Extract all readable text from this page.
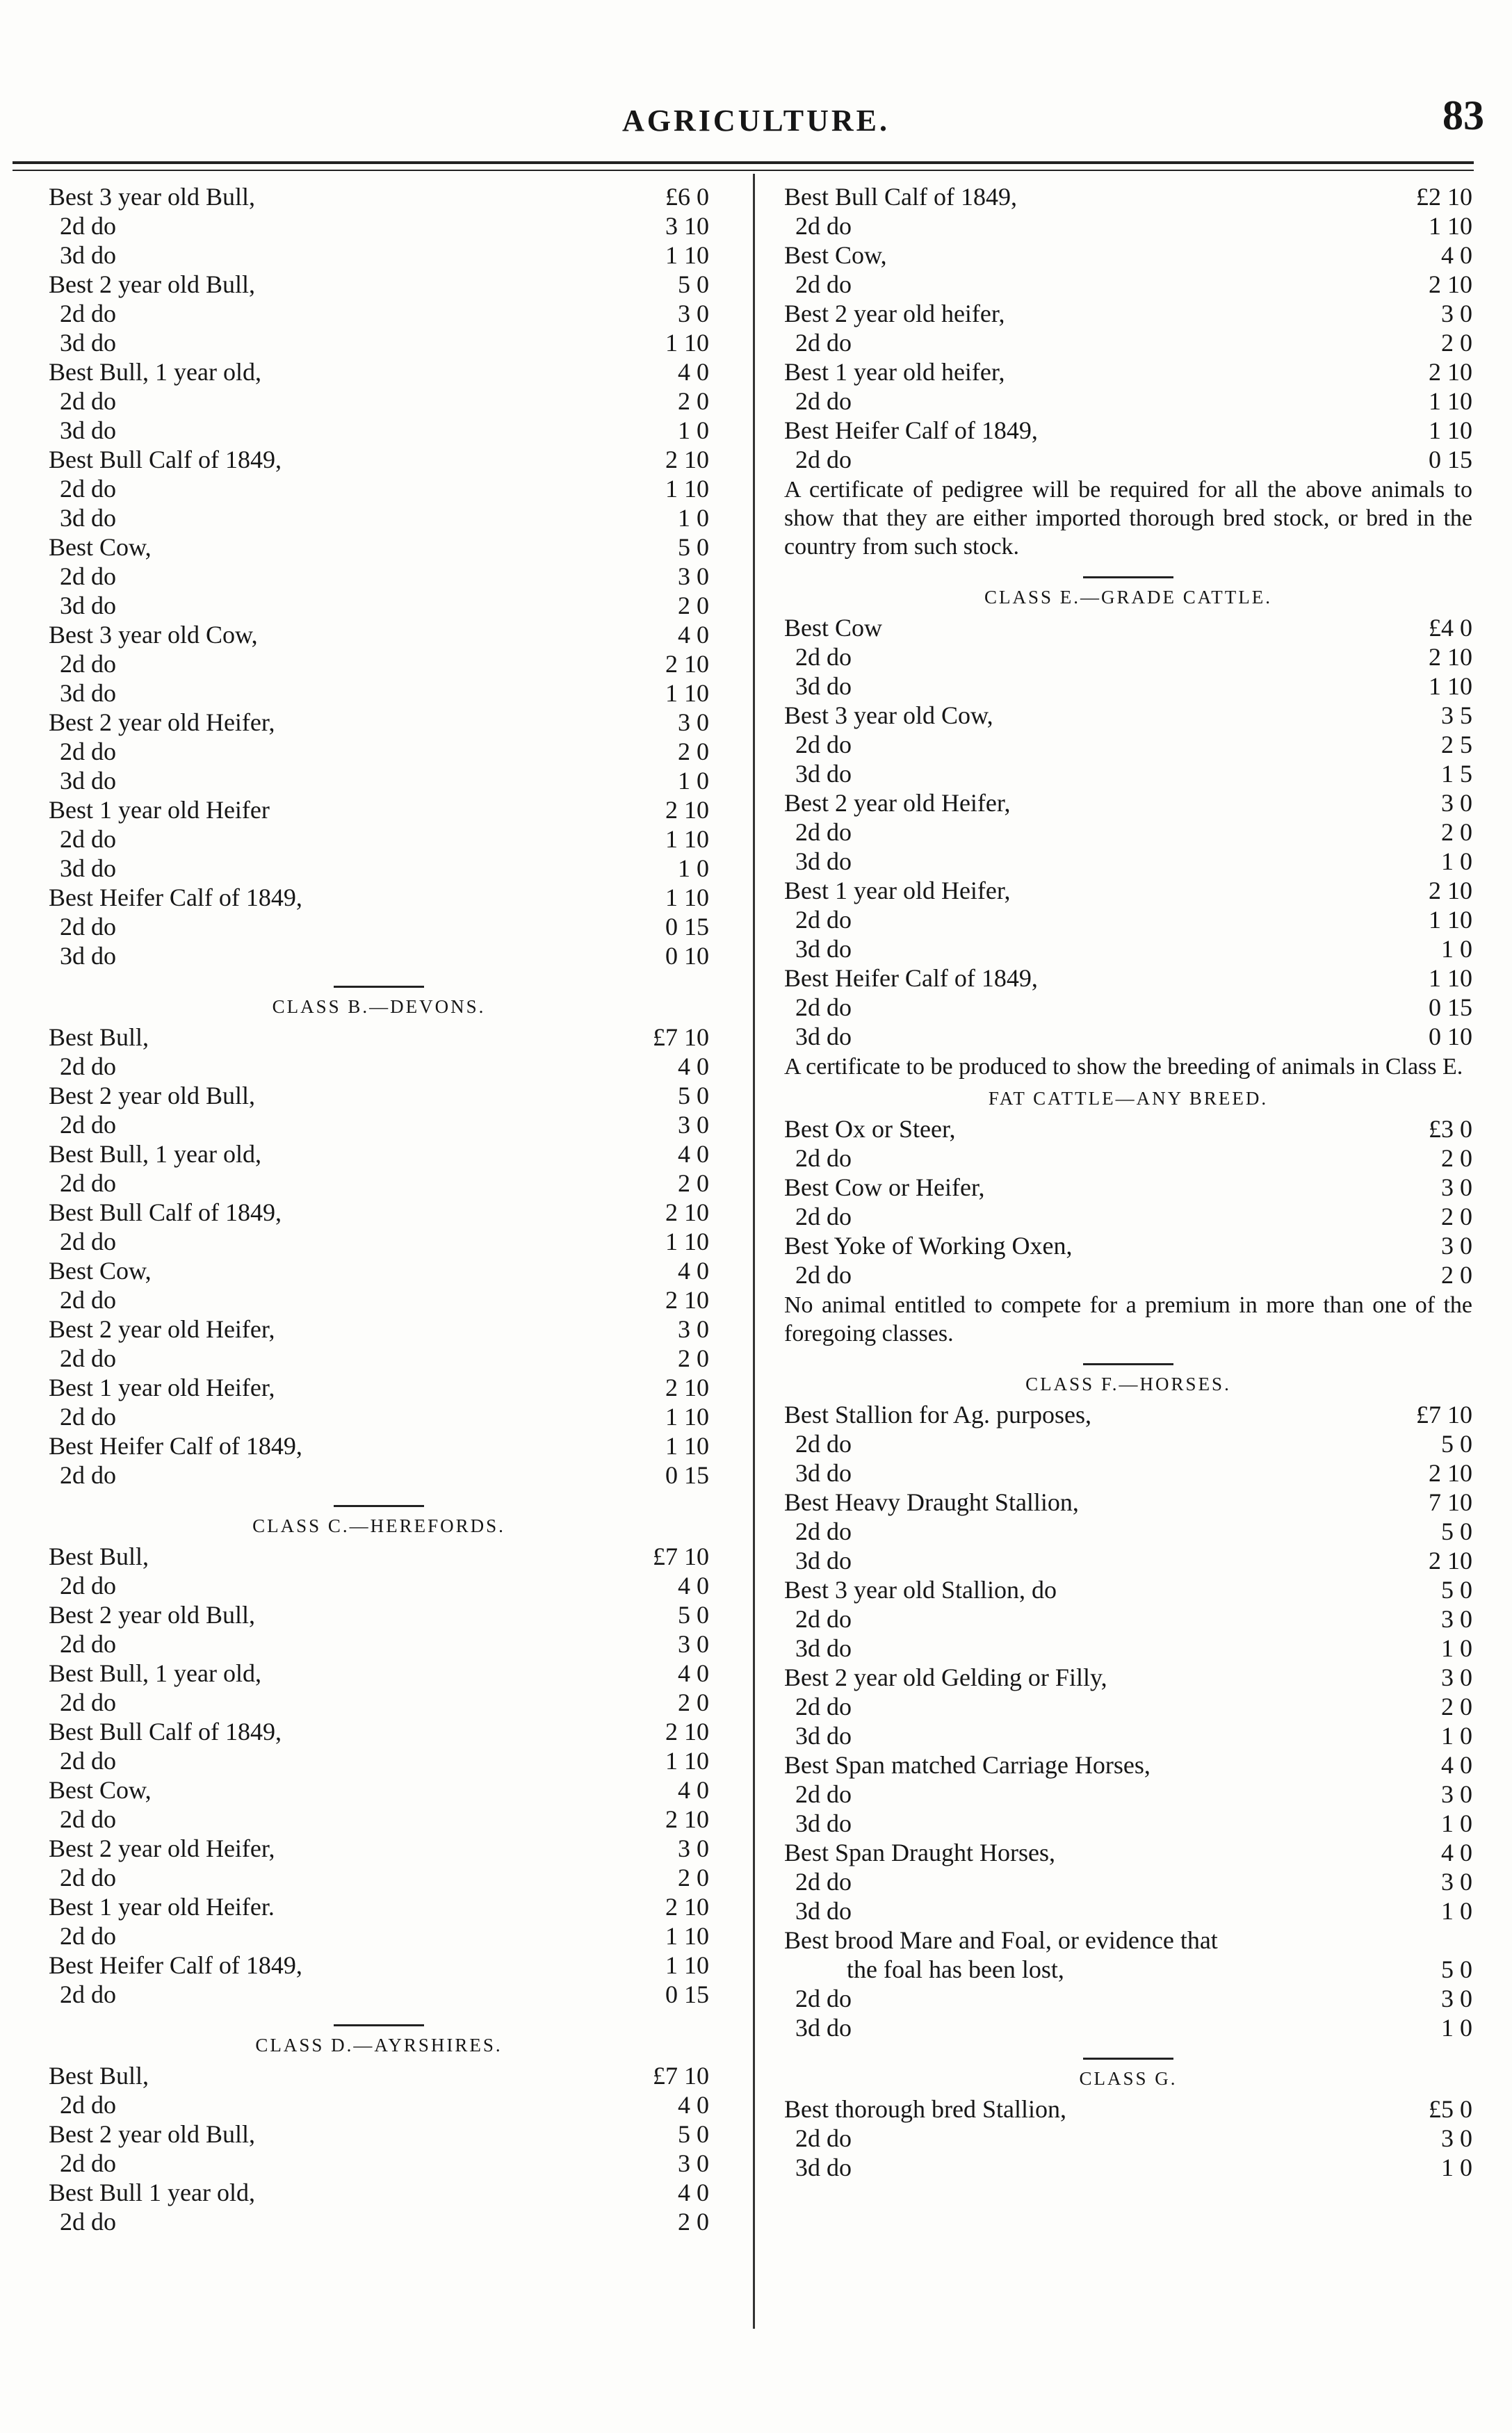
AGRICULTURE.	83
Best 3 year old Bull,	£6 0
2d do	3 10
3d do	1 10
Best 2 year old Bull,	5 0
2d do	3 0
3d do	1 10
Best Bull, 1 year old,	4 0
2d do	2 0
3d do	1 0
Best Bull Calf of 1849,	2 10
2d do	1 10
3d do	1 0
Best Cow,	5 0
2d do	3 0
3d do	2 0
Best 3 year old Cow,	4 0
2d do	2 10
3d do	1 10
Best 2 year old Heifer,	3 0
2d do	2 0
3d do	1 0
Best 1 year old Heifer	2 10
2d do	1 10
3d do	1 0
Best Heifer Calf of 1849,	1 10
2d do	0 15
3d do	0 10
CLASS B.—DEVONS.
Best Bull,	£7 10
2d do	4 0
Best 2 year old Bull,	5 0
2d do	3 0
Best Bull, 1 year old,	4 0
2d do	2 0
Best Bull Calf of 1849,	2 10
2d do	1 10
Best Cow,	4 0
2d do	2 10
Best 2 year old Heifer,	3 0
2d do	2 0
Best 1 year old Heifer,	2 10
2d do	1 10
Best Heifer Calf of 1849,	1 10
2d do	0 15
CLASS C.—HEREFORDS.
Best Bull,	£7 10
2d do	4 0
Best 2 year old Bull,	5 0
2d do	3 0
Best Bull, 1 year old,	4 0
2d do	2 0
Best Bull Calf of 1849,	2 10
2d do	1 10
Best Cow,	4 0
2d do	2 10
Best 2 year old Heifer,	3 0
2d do	2 0
Best 1 year old Heifer.	2 10
2d do	1 10
Best Heifer Calf of 1849,	1 10
2d do	0 15
CLASS D.—AYRSHIRES.
Best Bull,	£7 10
2d do	4 0
Best 2 year old Bull,	5 0
2d do	3 0
Best Bull 1 year old,	4 0
2d do	2 0
Best Bull Calf of 1849,	£2 10
2d do	1 10
Best Cow,	4 0
2d do	2 10
Best 2 year old heifer,	3 0
2d do	2 0
Best 1 year old heifer,	2 10
2d do	1 10
Best Heifer Calf of 1849,	1 10
2d do	0 15

A certificate of pedigree will be required for all the above animals to show that they are either imported thorough bred stock, or bred in the country from such stock.

CLASS E.—GRADE CATTLE.
Best Cow	£4 0
2d do	2 10
3d do	1 10
Best 3 year old Cow,	3 5
2d do	2 5
3d do	1 5
Best 2 year old Heifer,	3 0
2d do	2 0
3d do	1 0
Best 1 year old Heifer,	2 10
2d do	1 10
3d do	1 0
Best Heifer Calf of 1849,	1 10
2d do	0 15
3d do	0 10

A certificate to be produced to show the breeding of animals in Class E.

FAT CATTLE—ANY BREED.
Best Ox or Steer,	£3 0
2d do	2 0
Best Cow or Heifer,	3 0
2d do	2 0
Best Yoke of Working Oxen,	3 0
2d do	2 0

No animal entitled to compete for a premium in more than one of the foregoing classes.

CLASS F.—HORSES.
Best Stallion for Ag. purposes,	£7 10
2d do	5 0
3d do	2 10
Best Heavy Draught Stallion,	7 10
2d do	5 0
3d do	2 10
Best 3 year old Stallion, do	5 0
2d do	3 0
3d do	1 0
Best 2 year old Gelding or Filly,	3 0
2d do	2 0
3d do	1 0
Best Span matched Carriage Horses,	4 0
2d do	3 0
3d do	1 0
Best Span Draught Horses,	4 0
2d do	3 0
3d do	1 0
Best brood Mare and Foal, or evidence that
the foal has been lost,	5 0
2d do	3 0
3d do	1 0
CLASS G.
Best thorough bred Stallion,	£5 0
2d do	3 0
3d do	1 0
